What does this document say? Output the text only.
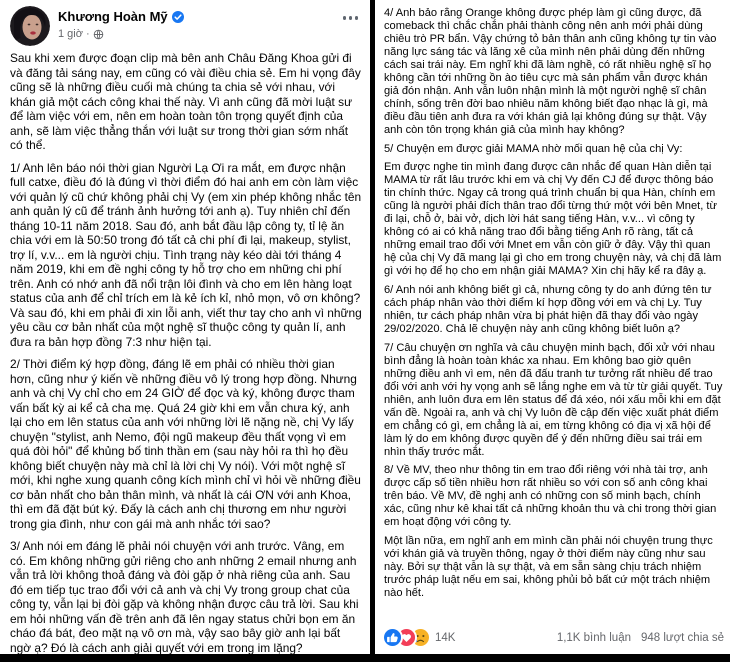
Khương Hoàn Mỹ
1 giờ ·

Sau khi xem được đoạn clip mà bên anh Châu Đăng Khoa gửi đi và đăng tải sáng nay, em cũng có vài điều chia sẻ. Em hi vọng đây cũng sẽ là những điều cuối mà chúng ta chia sẻ với nhau, với khán giả một cách công khai thế này. Vì anh cũng đã mời luật sư để làm việc với em, nên em hoàn toàn tôn trọng quyết định của anh, sẽ làm việc thẳng thắn với luật sư trong thời gian sớm nhất có thể.

1/ Anh lên báo nói thời gian Người Lạ Ơi ra mắt, em được nhận full catxe, điều đó là đúng vì thời điểm đó hai anh em còn làm việc với quản lý cũ chứ không phải chị Vy (em xin phép không nhắc tên anh quản lý cũ để tránh ảnh hưởng tới anh ạ). Tuy nhiên chỉ đến tháng 10-11 năm 2018. Sau đó, anh bắt đầu lập công ty, tỉ lệ ăn chia với em là 50:50 trong đó tất cả chi phí đi lại, makeup, stylist, trợ lí, v.v... em là người chịu. Tình trạng này kéo dài tới tháng 4 năm 2019, khi em đề nghị công ty hỗ trợ cho em những chi phí trên. Anh có nhớ anh đã nổi trận lôi đình và cho em lên hàng loạt status của anh để chỉ trích em là kẻ ích kỉ, nhỏ mọn, vô ơn không? Và sau đó, khi em phải đi xin lỗi anh, viết thư tay cho anh vì những yêu cầu cơ bản nhất của một nghệ sĩ thuộc công ty quản lí, anh đưa ra bản hợp đồng 7:3 như hiện tại.

2/ Thời điểm ký hợp đồng, đáng lẽ em phải có nhiều thời gian hơn, cũng như ý kiến về những điều vô lý trong hợp đồng. Nhưng anh và chị Vy chỉ cho em 24 GIỜ để đọc và ký, không được tham vấn bất kỳ ai kể cả cha mẹ. Quá 24 giờ khi em vẫn chưa ký, anh lại cho em lên status của anh với những lời lẽ nặng nề, chị Vy lấy chuyện "stylist, anh Nemo, đội ngũ makeup đều thất vọng vì em quá đòi hỏi" để khủng bố tinh thần em (sau này hỏi ra thì họ đều không biết chuyện này mà chỉ là lời chị Vy nói). Với một nghệ sĩ mới, khi nghe xung quanh công kích mình chỉ vì hỏi về những điều cơ bản nhất cho bản thân mình, và nhất là cái ƠN với anh Khoa, thì em đã đặt bút ký. Đấy là cách anh chị thương em như người trong gia đình, như con gái mà anh nhắc tới sao?

3/ Anh nói em đáng lẽ phải nói chuyện với anh trước. Vâng, em có. Em không những gửi riêng cho anh những 2 email nhưng anh vẫn trả lời không thoả đáng và đòi gặp ở nhà riêng của anh. Sau đó em tiếp tục trao đổi với cả anh và chị Vy trong group chat của công ty, vẫn lại bị đòi gặp và không nhận được câu trả lời. Sau khi em hỏi những vấn đề trên anh đã lên ngay status chửi bọn em ăn cháo đá bát, đeo mặt nạ vô ơn mà, vậy sao bây giờ anh lại bất ngờ ạ? Đó là cách anh giải quyết với em trong im lặng?

4/ Anh bảo rằng Orange không được phép làm gì cũng được, đã comeback thì chắc chắn phải thành công nên anh mới phải dùng chiêu trò PR bẩn. Vậy chứng tỏ bản thân anh cũng không tự tin vào năng lực sáng tác và lăng xê của mình nên phải dùng đến những cách sai trái này. Em nghĩ khi đã làm nghề, có rất nhiều nghệ sĩ họ không cần tới những ồn ào tiêu cực mà sản phẩm vẫn được khán giả đón nhận. Anh vẫn luôn nhận mình là một người nghệ sĩ chân chính, sống trên đời bao nhiêu năm không biết đạo nhạc là gì, mà điều đầu tiên anh đưa ra với khán giả lại không đúng sự thật. Vậy anh còn tôn trọng khán giả của mình hay không?

5/ Chuyện em được giải MAMA nhờ mối quan hệ của chị Vy:

Em được nghe tin mình đang được cân nhắc để quan Hàn diễn tại MAMA từ rất lâu trước khi em và chị Vy đến CJ để được thông báo tin chính thức. Ngay cả trong quá trình chuẩn bị qua Hàn, chính em cũng là người phải đích thân trao đổi từng thứ một với bên Mnet, từ đi lại, chỗ ở, bài vở, dịch lời hát sang tiếng Hàn, v.v... vì công ty không có ai có khả năng trao đổi bằng tiếng Anh rõ ràng, tất cả những email trao đổi với Mnet em vẫn còn giữ ở đây. Vậy thì quan hệ của chị Vy đã mang lại gì cho em trong chuyện này, và chị đã làm gì với họ để họ cho em nhận giải MAMA? Xin chị hãy kể ra đây ạ.

6/ Anh nói anh không biết gì cả, nhưng công ty do anh đứng tên tư cách pháp nhân vào thời điểm kí hợp đồng với em và chị Ly. Tuy nhiên, tư cách pháp nhân vừa bị phát hiện đã thay đổi vào ngày 29/02/2020. Chả lẽ chuyện này anh cũng không biết luôn ạ?

7/ Câu chuyện ơn nghĩa và câu chuyện minh bạch, đối xử với nhau bình đẳng là hoàn toàn khác xa nhau. Em không bao giờ quên những điều anh vì em, nên đã đấu tranh tư tưởng rất nhiều để trao đổi với anh với hy vọng anh sẽ lắng nghe em và từ từ giải quyết. Tuy nhiên, anh luôn đưa em lên status để đá xéo, nói xấu mỗi khi em đặt vấn đề. Ngoài ra, anh và chị Vy luôn đề cập đến việc xuất phát điểm em chẳng có gì, em chẳng là ai, em từng không có địa vị xã hội để làm lý do em không được quyền để ý đến những điều sai trái em nhìn thấy trước mắt.

8/ Về MV, theo như thông tin em trao đổi riêng với nhà tài trợ, anh được cấp số tiền nhiều hơn rất nhiều so với con số anh công khai trên báo. Về MV, đề nghị anh có những con số minh bạch, chính xác, cũng như kê khai tất cả những khoản thu và chi trong thời gian em hoạt động với công ty.

Một lần nữa, em nghĩ anh em mình cần phải nói chuyện trung thực với khán giả và truyền thông, ngay ở thời điểm này cũng như sau này. Bởi sự thật vẫn là sự thật, và em sẵn sàng chịu trách nhiệm trước pháp luật nếu em sai, không phủi bỏ bất cứ một trách nhiệm nào hết.

14K	1,1K bình luận 948 lượt chia sẻ
